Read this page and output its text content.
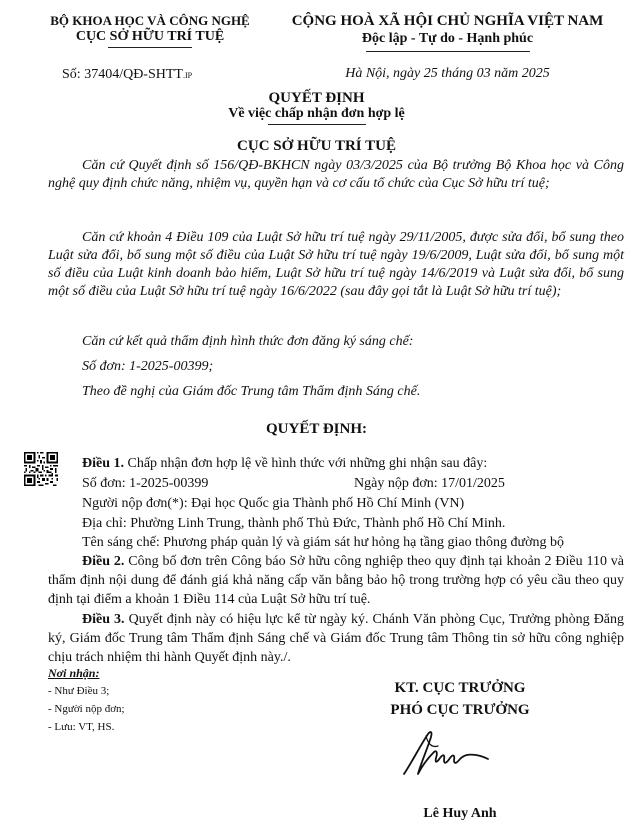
BỘ KHOA HỌC VÀ CÔNG NGHỆ
CỤC SỞ HỮU TRÍ TUỆ
Số: 37404/QĐ-SHTT.IP
CỘNG HOÀ XÃ HỘI CHỦ NGHĨA VIỆT NAM
Độc lập - Tự do - Hạnh phúc
Hà Nội, ngày 25 tháng 03 năm 2025
QUYẾT ĐỊNH
Về việc chấp nhận đơn hợp lệ
CỤC SỞ HỮU TRÍ TUỆ
Căn cứ Quyết định số 156/QĐ-BKHCN ngày 03/3/2025 của Bộ trưởng Bộ Khoa học và Công nghệ quy định chức năng, nhiệm vụ, quyền hạn và cơ cấu tổ chức của Cục Sở hữu trí tuệ;
Căn cứ khoản 4 Điều 109 của Luật Sở hữu trí tuệ ngày 29/11/2005, được sửa đổi, bổ sung theo Luật sửa đổi, bổ sung một số điều của Luật Sở hữu trí tuệ ngày 19/6/2009, Luật sửa đổi, bổ sung một số điều của Luật kinh doanh bảo hiểm, Luật Sở hữu trí tuệ ngày 14/6/2019 và Luật sửa đổi, bổ sung một số điều của Luật Sở hữu trí tuệ ngày 16/6/2022 (sau đây gọi tắt là Luật Sở hữu trí tuệ);
Căn cứ kết quả thẩm định hình thức đơn đăng ký sáng chế:
Số đơn: 1-2025-00399;
Theo đề nghị của Giám đốc Trung tâm Thẩm định Sáng chế.
QUYẾT ĐỊNH:
Điều 1. Chấp nhận đơn hợp lệ về hình thức với những ghi nhận sau đây:
Số đơn: 1-2025-00399	Ngày nộp đơn: 17/01/2025
Người nộp đơn(*): Đại học Quốc gia Thành phố Hồ Chí Minh (VN)
Địa chỉ: Phường Linh Trung, thành phố Thủ Đức, Thành phố Hồ Chí Minh.
Tên sáng chế: Phương pháp quản lý và giám sát hư hỏng hạ tầng giao thông đường bộ
Điều 2. Công bố đơn trên Công báo Sở hữu công nghiệp theo quy định tại khoản 2 Điều 110 và thẩm định nội dung để đánh giá khả năng cấp văn bằng bảo hộ trong trường hợp có yêu cầu theo quy định tại điểm a khoản 1 Điều 114 của Luật Sở hữu trí tuệ.
Điều 3. Quyết định này có hiệu lực kể từ ngày ký. Chánh Văn phòng Cục, Trưởng phòng Đăng ký, Giám đốc Trung tâm Thẩm định Sáng chế và Giám đốc Trung tâm Thông tin sở hữu công nghiệp chịu trách nhiệm thi hành Quyết định này./.
Nơi nhận:
- Như Điều 3;
- Người nộp đơn;
- Lưu: VT, HS.
KT. CỤC TRƯỞNG
PHÓ CỤC TRƯỞNG
Lê Huy Anh
